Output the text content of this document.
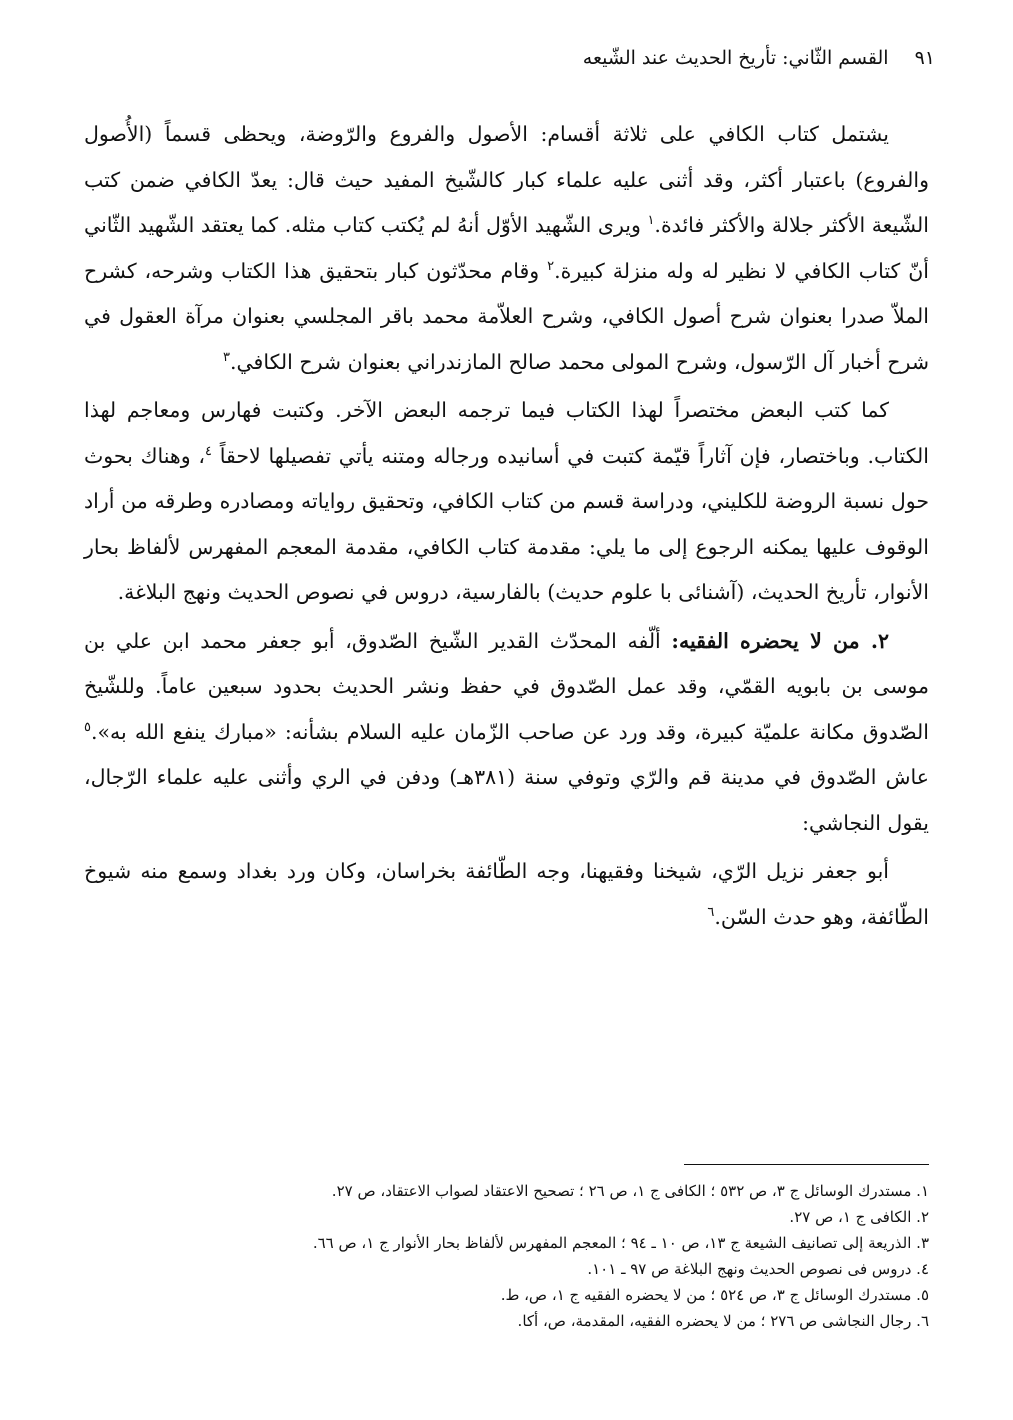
٩١
القسم الثّاني: تأريخ الحديث عند الشّيعه

يشتمل كتاب الكافي على ثلاثة أقسام: الأصول والفروع والرّوضة، ويحظى قسماً (الأُصول والفروع) باعتبار أكثر، وقد أثنى عليه علماء كبار كالشّيخ المفيد حيث قال: يعدّ الكافي ضمن كتب الشّيعة الأكثر جلالة والأكثر فائدة.$^١$ ويرى الشّهيد الأوّل أنهُ لم يُكتب كتاب مثله. كما يعتقد الشّهيد الثّاني أنّ كتاب الكافي لا نظير له وله منزلة كبيرة.$^٢$ وقام محدّثون كبار بتحقيق هذا الكتاب وشرحه، كشرح الملاّ صدرا بعنوان شرح أصول الكافي، وشرح العلاّمة محمد باقر المجلسي بعنوان مرآة العقول في شرح أخبار آل الرّسول، وشرح المولى محمد صالح المازندراني بعنوان شرح الكافي.$^٣$

كما كتب البعض مختصراً لهذا الكتاب فيما ترجمه البعض الآخر. وكتبت فهارس ومعاجم لهذا الكتاب. وباختصار، فإن آثاراً قيّمة كتبت في أسانيده ورجاله ومتنه يأتي تفصيلها لاحقاً $^٤$، وهناك بحوث حول نسبة الروضة للكليني، ودراسة قسم من كتاب الكافي، وتحقيق رواياته ومصادره وطرقه من أراد الوقوف عليها يمكنه الرجوع إلى ما يلي: مقدمة كتاب الكافي، مقدمة المعجم المفهرس لألفاظ بحار الأنوار، تأريخ الحديث، (آشنائى با علوم حديث) بالفارسية، دروس في نصوص الحديث ونهج البلاغة.

٢. من لا يحضره الفقيه: ألّفه المحدّث القدير الشّيخ الصّدوق، أبو جعفر محمد ابن علي بن موسى بن بابويه القمّي، وقد عمل الصّدوق في حفظ ونشر الحديث بحدود سبعين عاماً. وللشّيخ الصّدوق مكانة علميّة كبيرة، وقد ورد عن صاحب الزّمان عليه السلام بشأنه: «مبارك ينفع الله به».$^٥$ عاش الصّدوق في مدينة قم والرّي وتوفي سنة (٣٨١هـ) ودفن في الري وأثنى عليه علماء الرّجال، يقول النجاشي:

أبو جعفر نزيل الرّي، شيخنا وفقيهنا، وجه الطّائفة بخراسان، وكان ورد بغداد وسمع منه شيوخ الطّائفة، وهو حدث السّن.$^٦$

١. مستدرك الوسائل ج ٣، ص ٥٣٢ ؛ الكافى ج ١، ص ٢٦ ؛ تصحيح الاعتقاد لصواب الاعتقاد، ص ٢٧.

٢. الكافى ج ١، ص ٢٧.

٣. الذريعة إلى تصانيف الشيعة ج ١٣، ص ١٠ ـ ٩٤ ؛ المعجم المفهرس لألفاظ بحار الأنوار ج ١، ص ٦٦.

٤. دروس فى نصوص الحديث ونهج البلاغة ص ٩٧ ـ ١٠١.

٥. مستدرك الوسائل ج ٣، ص ٥٢٤ ؛ من لا يحضره الفقيه ج ١، ص، ط.

٦. رجال النجاشى ص ٢٧٦ ؛ من لا يحضره الفقيه، المقدمة، ص، أكا.
